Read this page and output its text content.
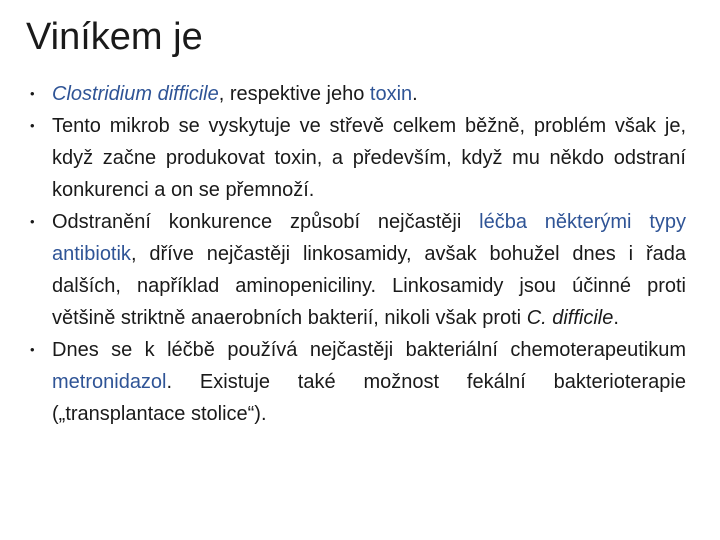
Viníkem je
• Clostridium difficile, respektive jeho toxin.
• Tento mikrob se vyskytuje ve střevě celkem běžně, problém však je, když začne produkovat toxin, a především, když mu někdo odstraní konkurenci a on se přemnoží.
• Odstranění konkurence způsobí nejčastěji léčba některými typy antibiotik, dříve nejčastěji linkosamidy, avšak bohužel dnes i řada dalších, například aminopeniciliny. Linkosamidy jsou účinné proti většině striktně anaerobních bakterií, nikoli však proti C. difficile.
• Dnes se k léčbě používá nejčastěji bakteriální chemoterapeutikum metronidazol. Existuje také možnost fekální bakterioterapie („transplantace stolice“).
